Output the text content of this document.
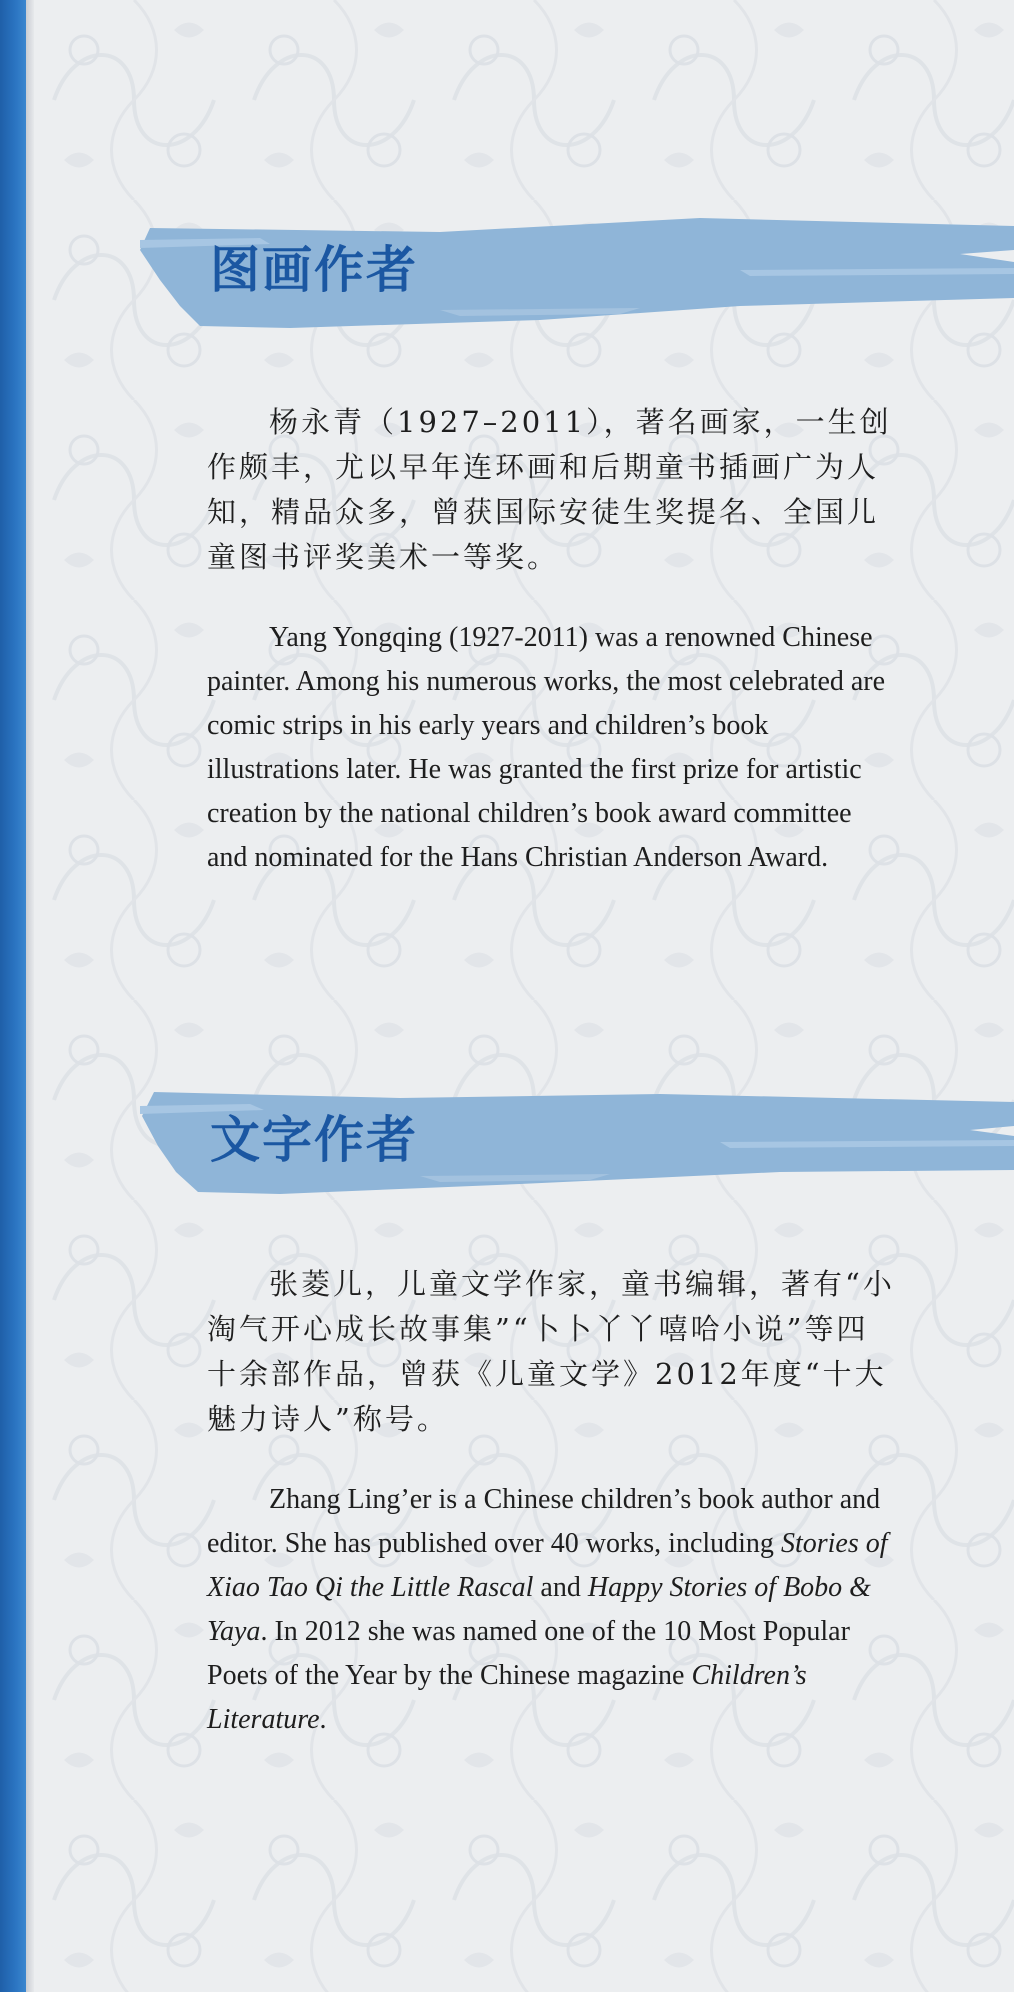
图画作者

杨永青（1927–2011），著名画家，一生创作颇丰，尤以早年连环画和后期童书插画广为人知，精品众多，曾获国际安徒生奖提名、全国儿童图书评奖美术一等奖。

Yang Yongqing (1927-2011) was a renowned Chinese painter. Among his numerous works, the most celebrated are comic strips in his early years and children’s book illustrations later. He was granted the first prize for artistic creation by the national children’s book award committee and nominated for the Hans Christian Anderson Award.

文字作者

张菱儿，儿童文学作家，童书编辑，著有“小淘气开心成长故事集”“卜卜丫丫嘻哈小说”等四十余部作品，曾获《儿童文学》2012年度“十大魅力诗人”称号。

Zhang Ling’er is a Chinese children’s book author and editor. She has published over 40 works, including Stories of Xiao Tao Qi the Little Rascal and Happy Stories of Bobo & Yaya. In 2012 she was named one of the 10 Most Popular Poets of the Year by the Chinese magazine Children’s Literature.
